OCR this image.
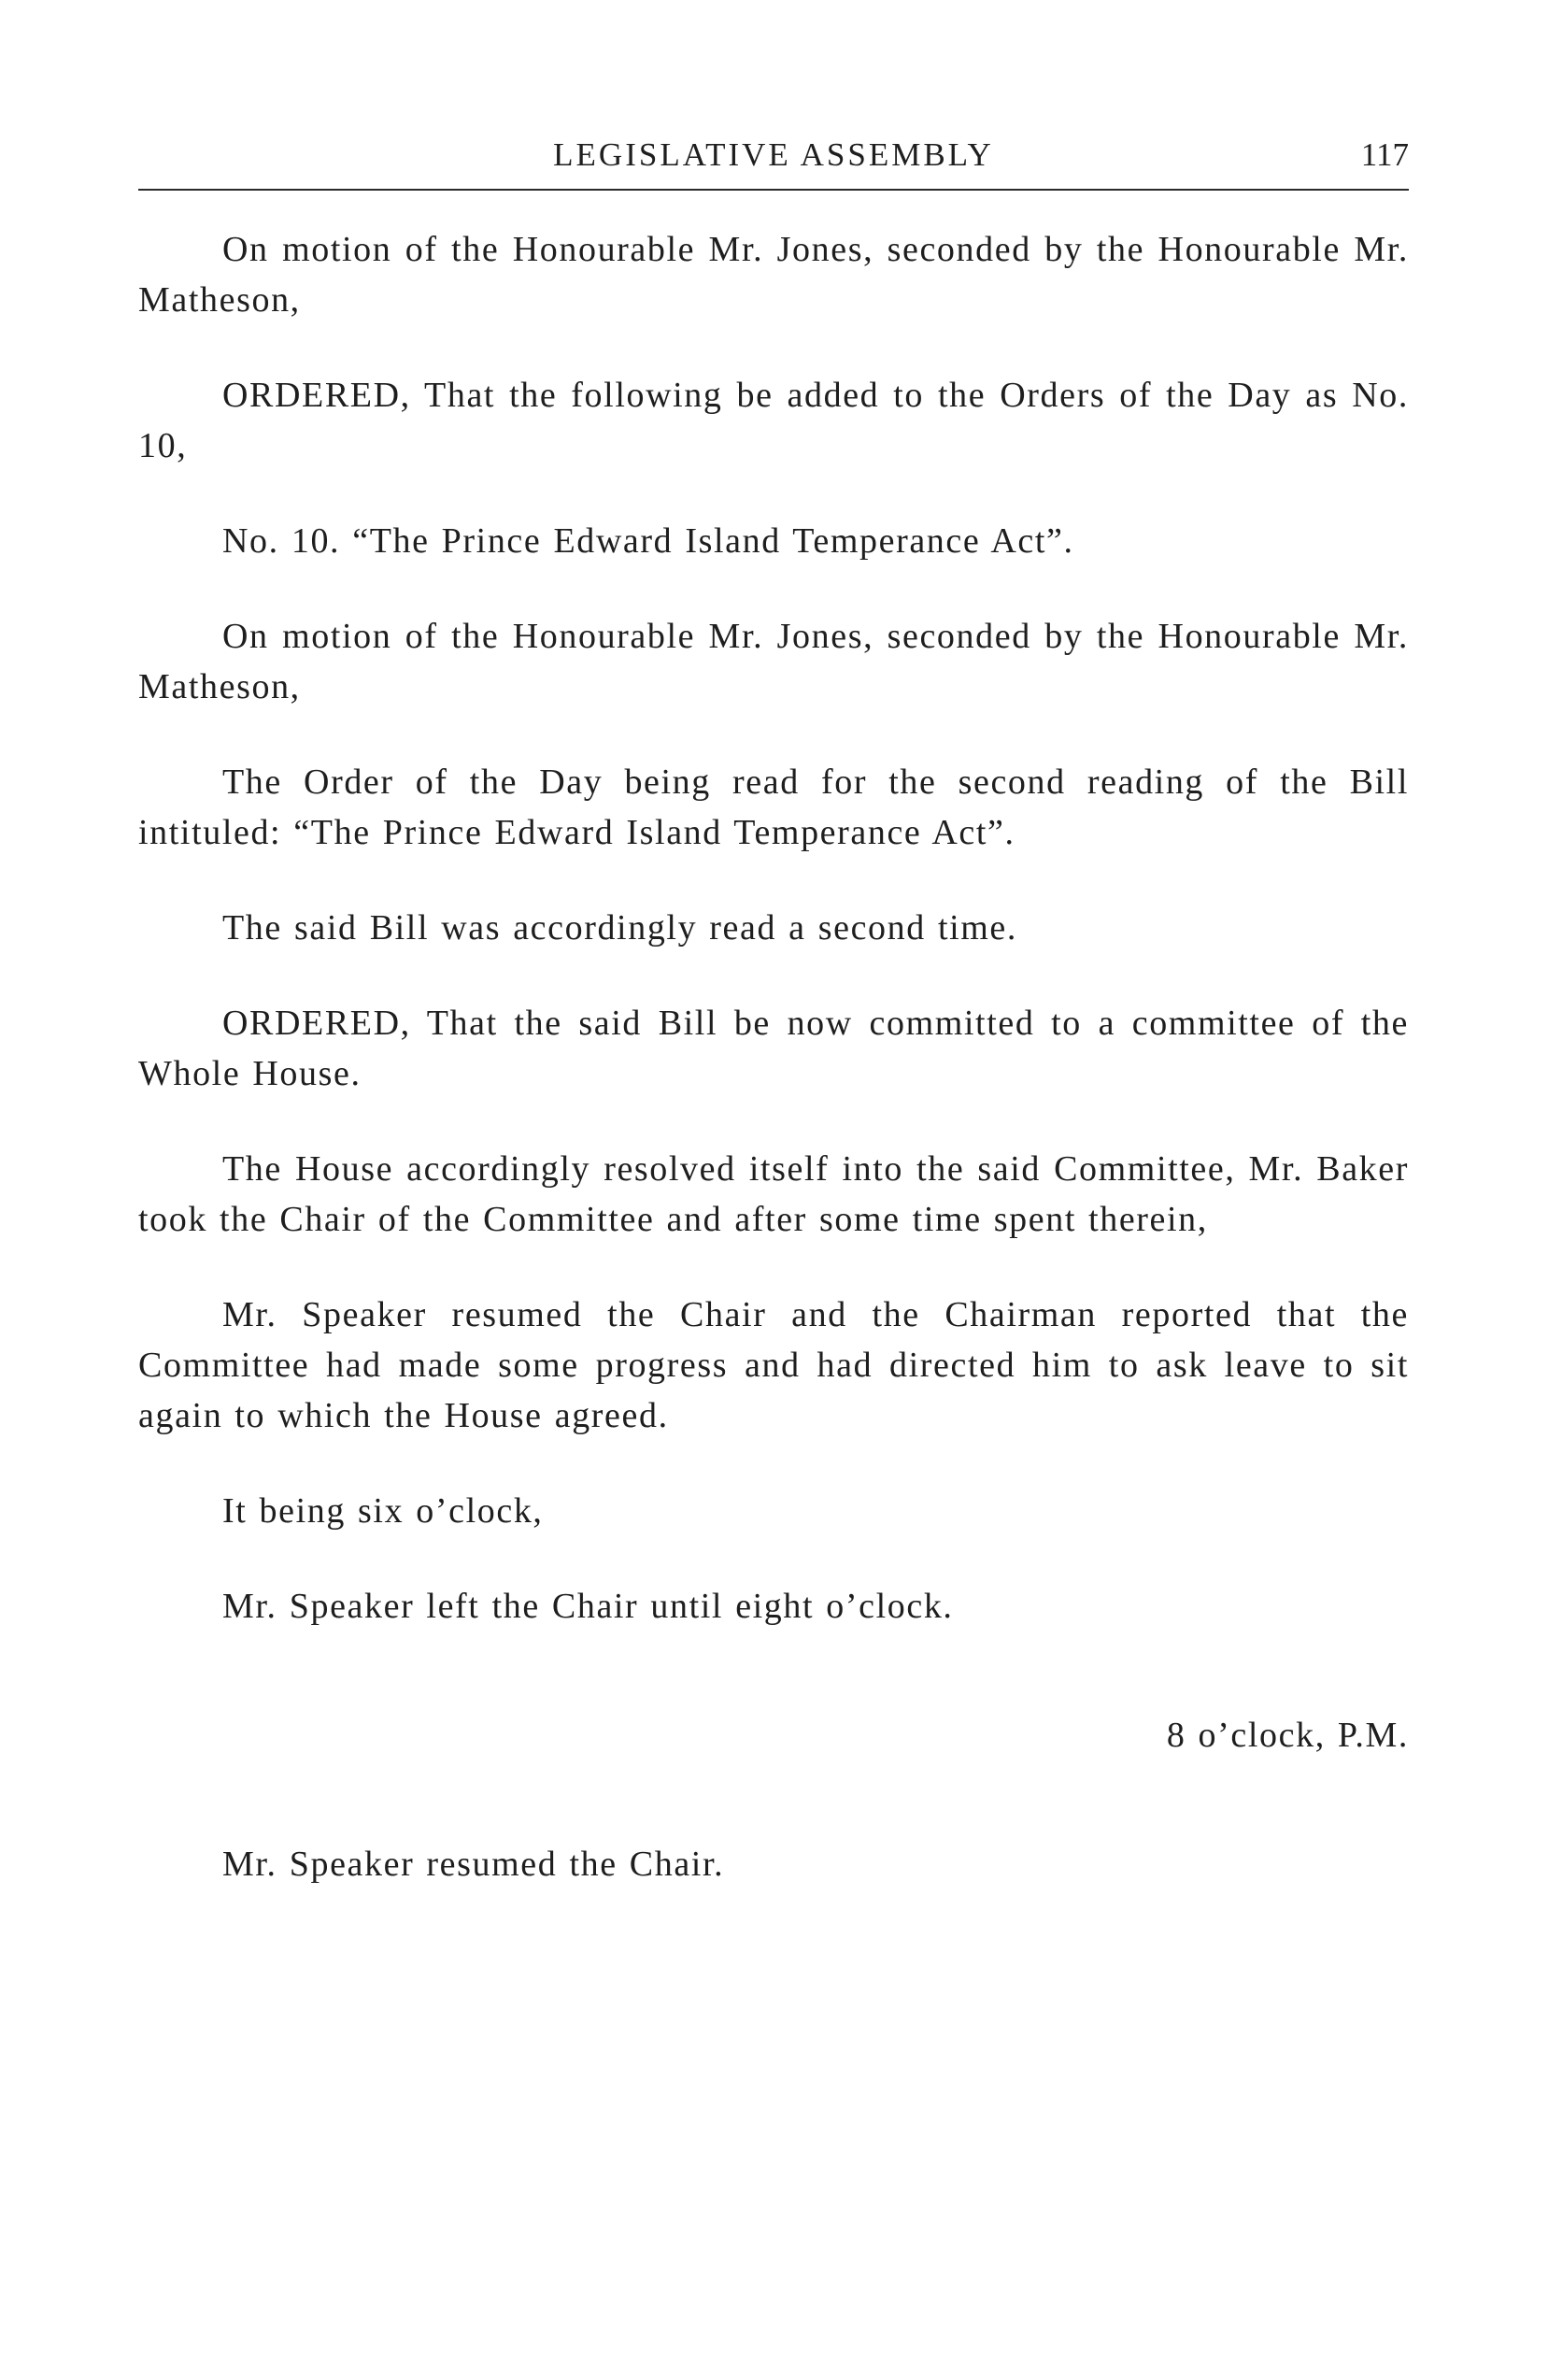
LEGISLATIVE ASSEMBLY	117

On motion of the Honourable Mr. Jones, seconded by the Honourable Mr. Matheson,

ORDERED, That the following be added to the Orders of the Day as No. 10,

No. 10. “The Prince Edward Island Temperance Act”.

On motion of the Honourable Mr. Jones, seconded by the Honourable Mr. Matheson,

The Order of the Day being read for the second reading of the Bill intituled: “The Prince Edward Island Temperance Act”.

The said Bill was accordingly read a second time.

ORDERED, That the said Bill be now committed to a committee of the Whole House.

The House accordingly resolved itself into the said Committee, Mr. Baker took the Chair of the Committee and after some time spent therein,

Mr. Speaker resumed the Chair and the Chairman reported that the Committee had made some progress and had directed him to ask leave to sit again to which the House agreed.

It being six o’clock,

Mr. Speaker left the Chair until eight o’clock.

8 o’clock, P.M.

Mr. Speaker resumed the Chair.
